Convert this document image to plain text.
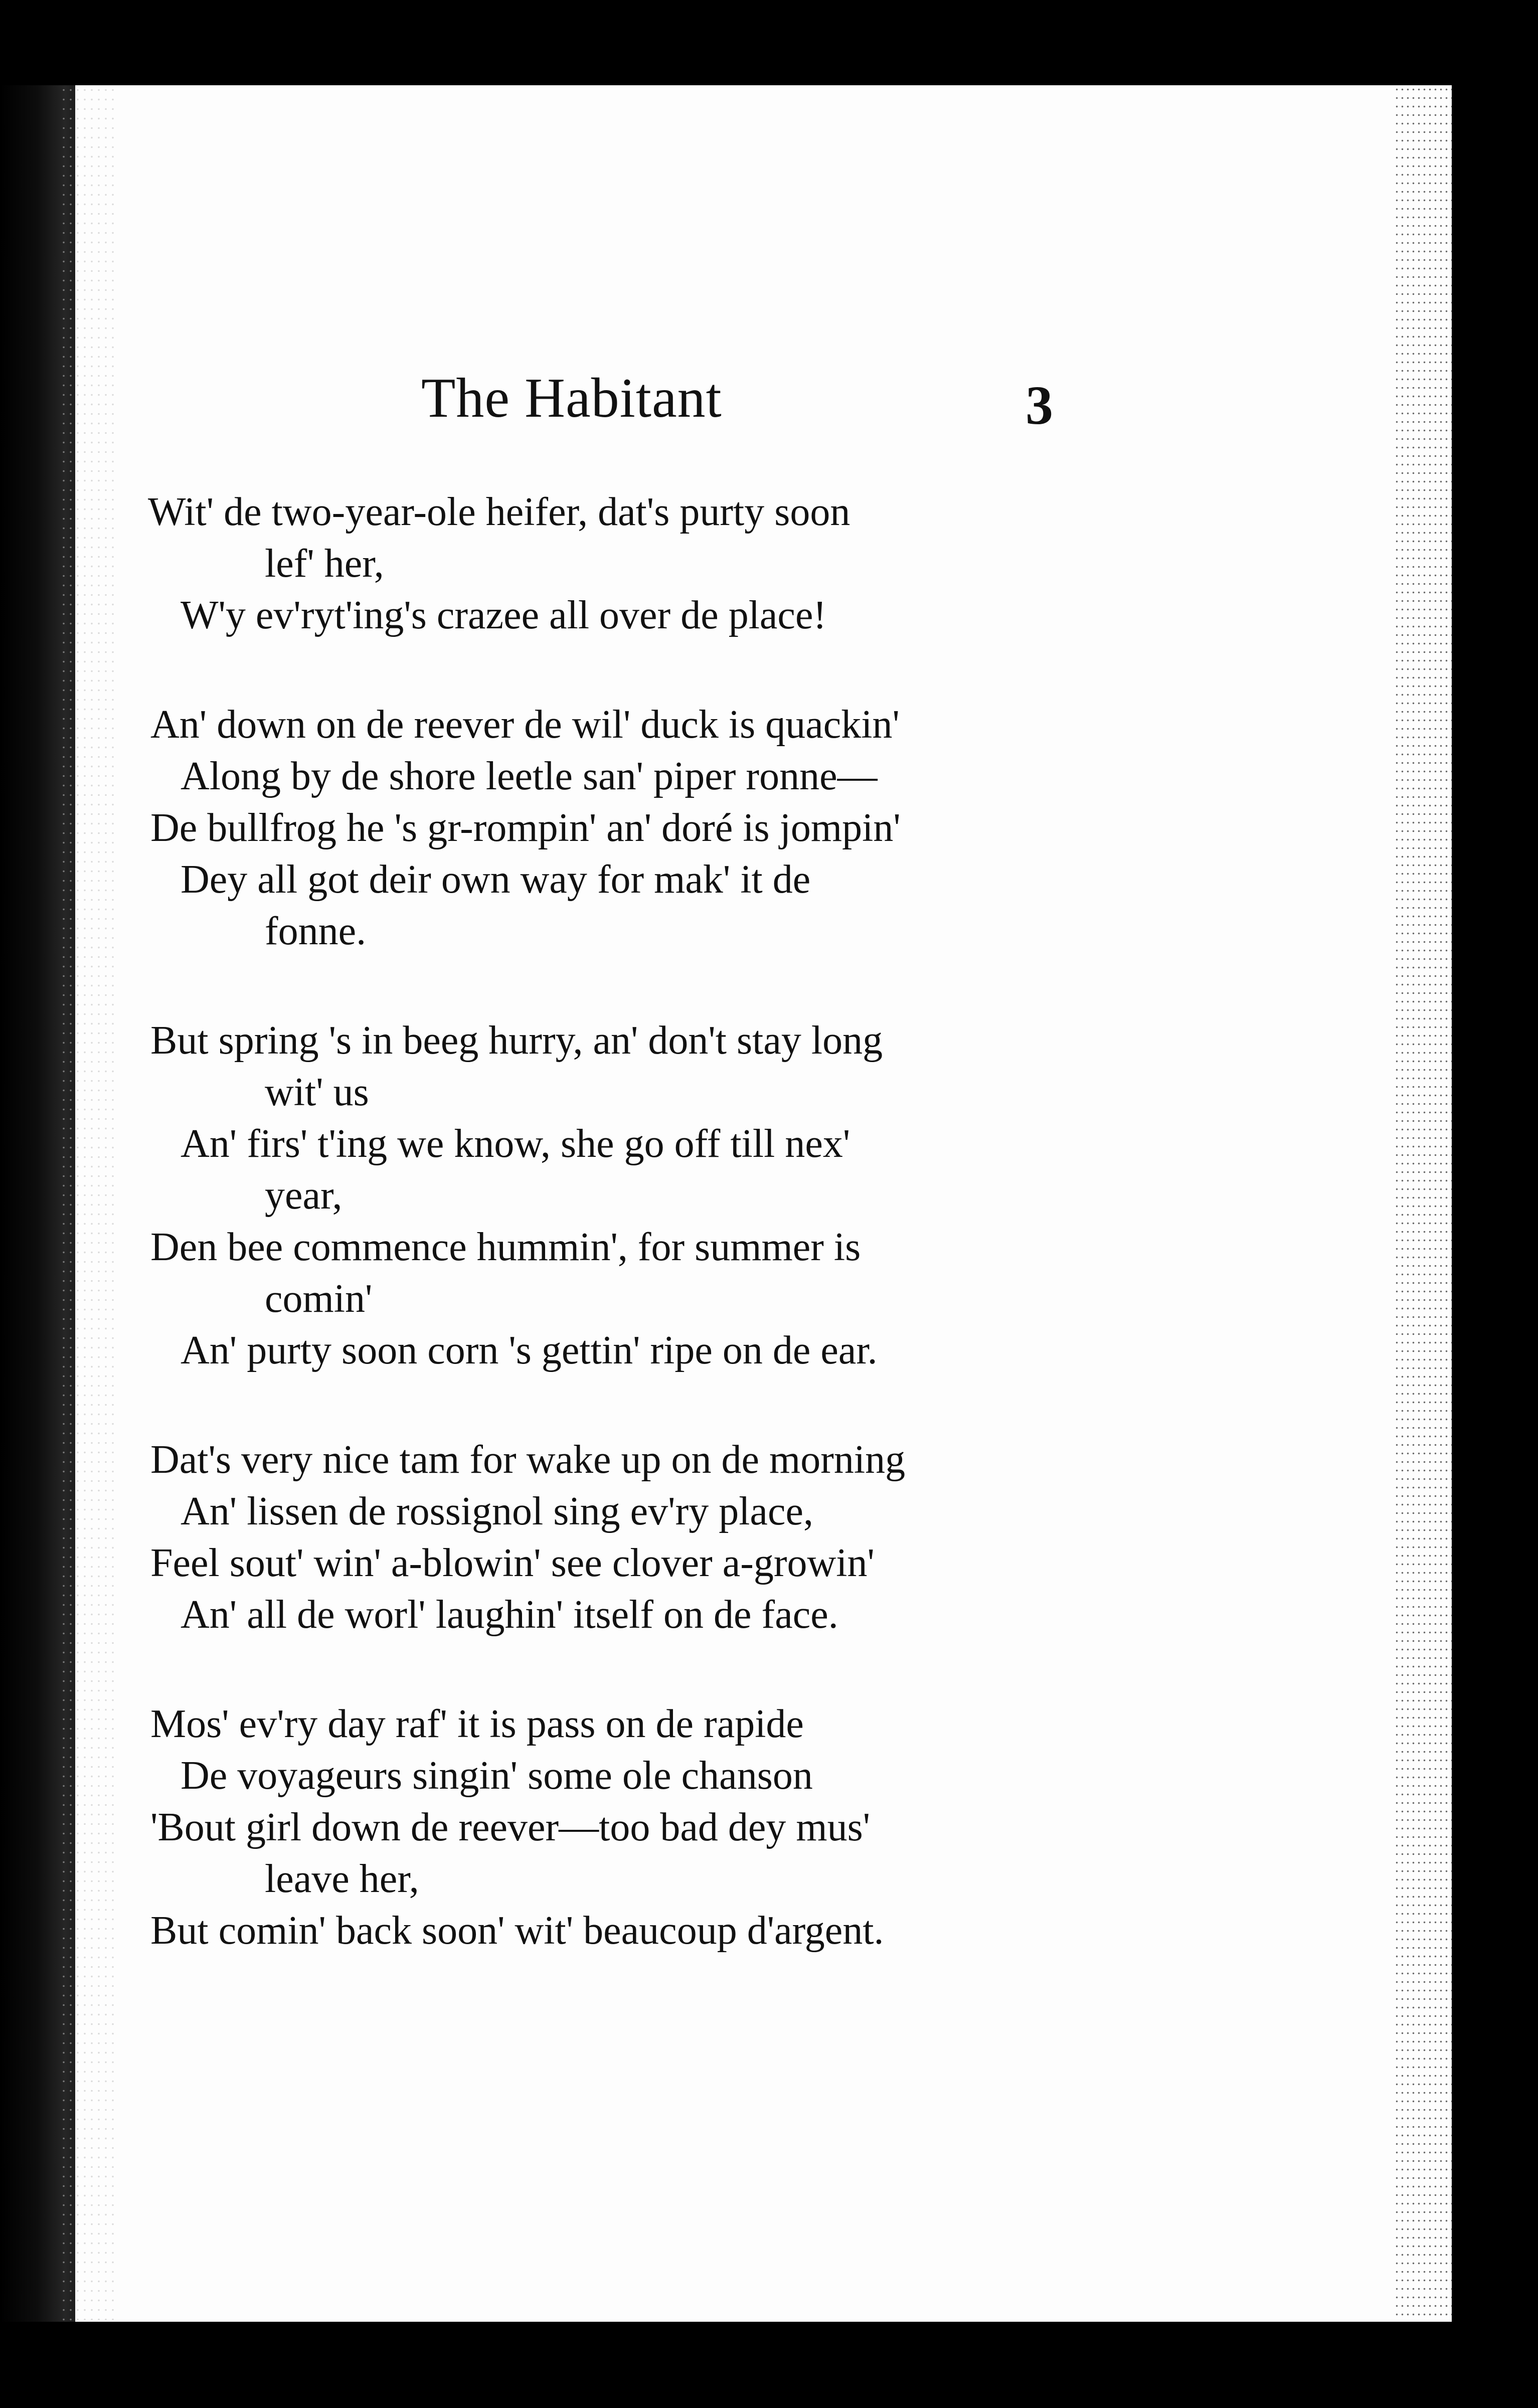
The Habitant	3
Wit' de two-year-ole heifer, dat's purty soon
lef' her,
W'y ev'ryt'ing's crazee all over de place!
An' down on de reever de wil' duck is quackin'
Along by de shore leetle san' piper ronne—
De bullfrog he 's gr-rompin' an' doré is jompin'
Dey all got deir own way for mak' it de
fonne.
But spring 's in beeg hurry, an' don't stay long
wit' us
An' firs' t'ing we know, she go off till nex'
year,
Den bee commence hummin', for summer is
comin'
An' purty soon corn 's gettin' ripe on de ear.
Dat's very nice tam for wake up on de morning
An' lissen de rossignol sing ev'ry place,
Feel sout' win' a-blowin' see clover a-growin'
An' all de worl' laughin' itself on de face.
Mos' ev'ry day raf' it is pass on de rapide
De voyageurs singin' some ole chanson
'Bout girl down de reever—too bad dey mus'
leave her,
But comin' back soon' wit' beaucoup d'argent.
